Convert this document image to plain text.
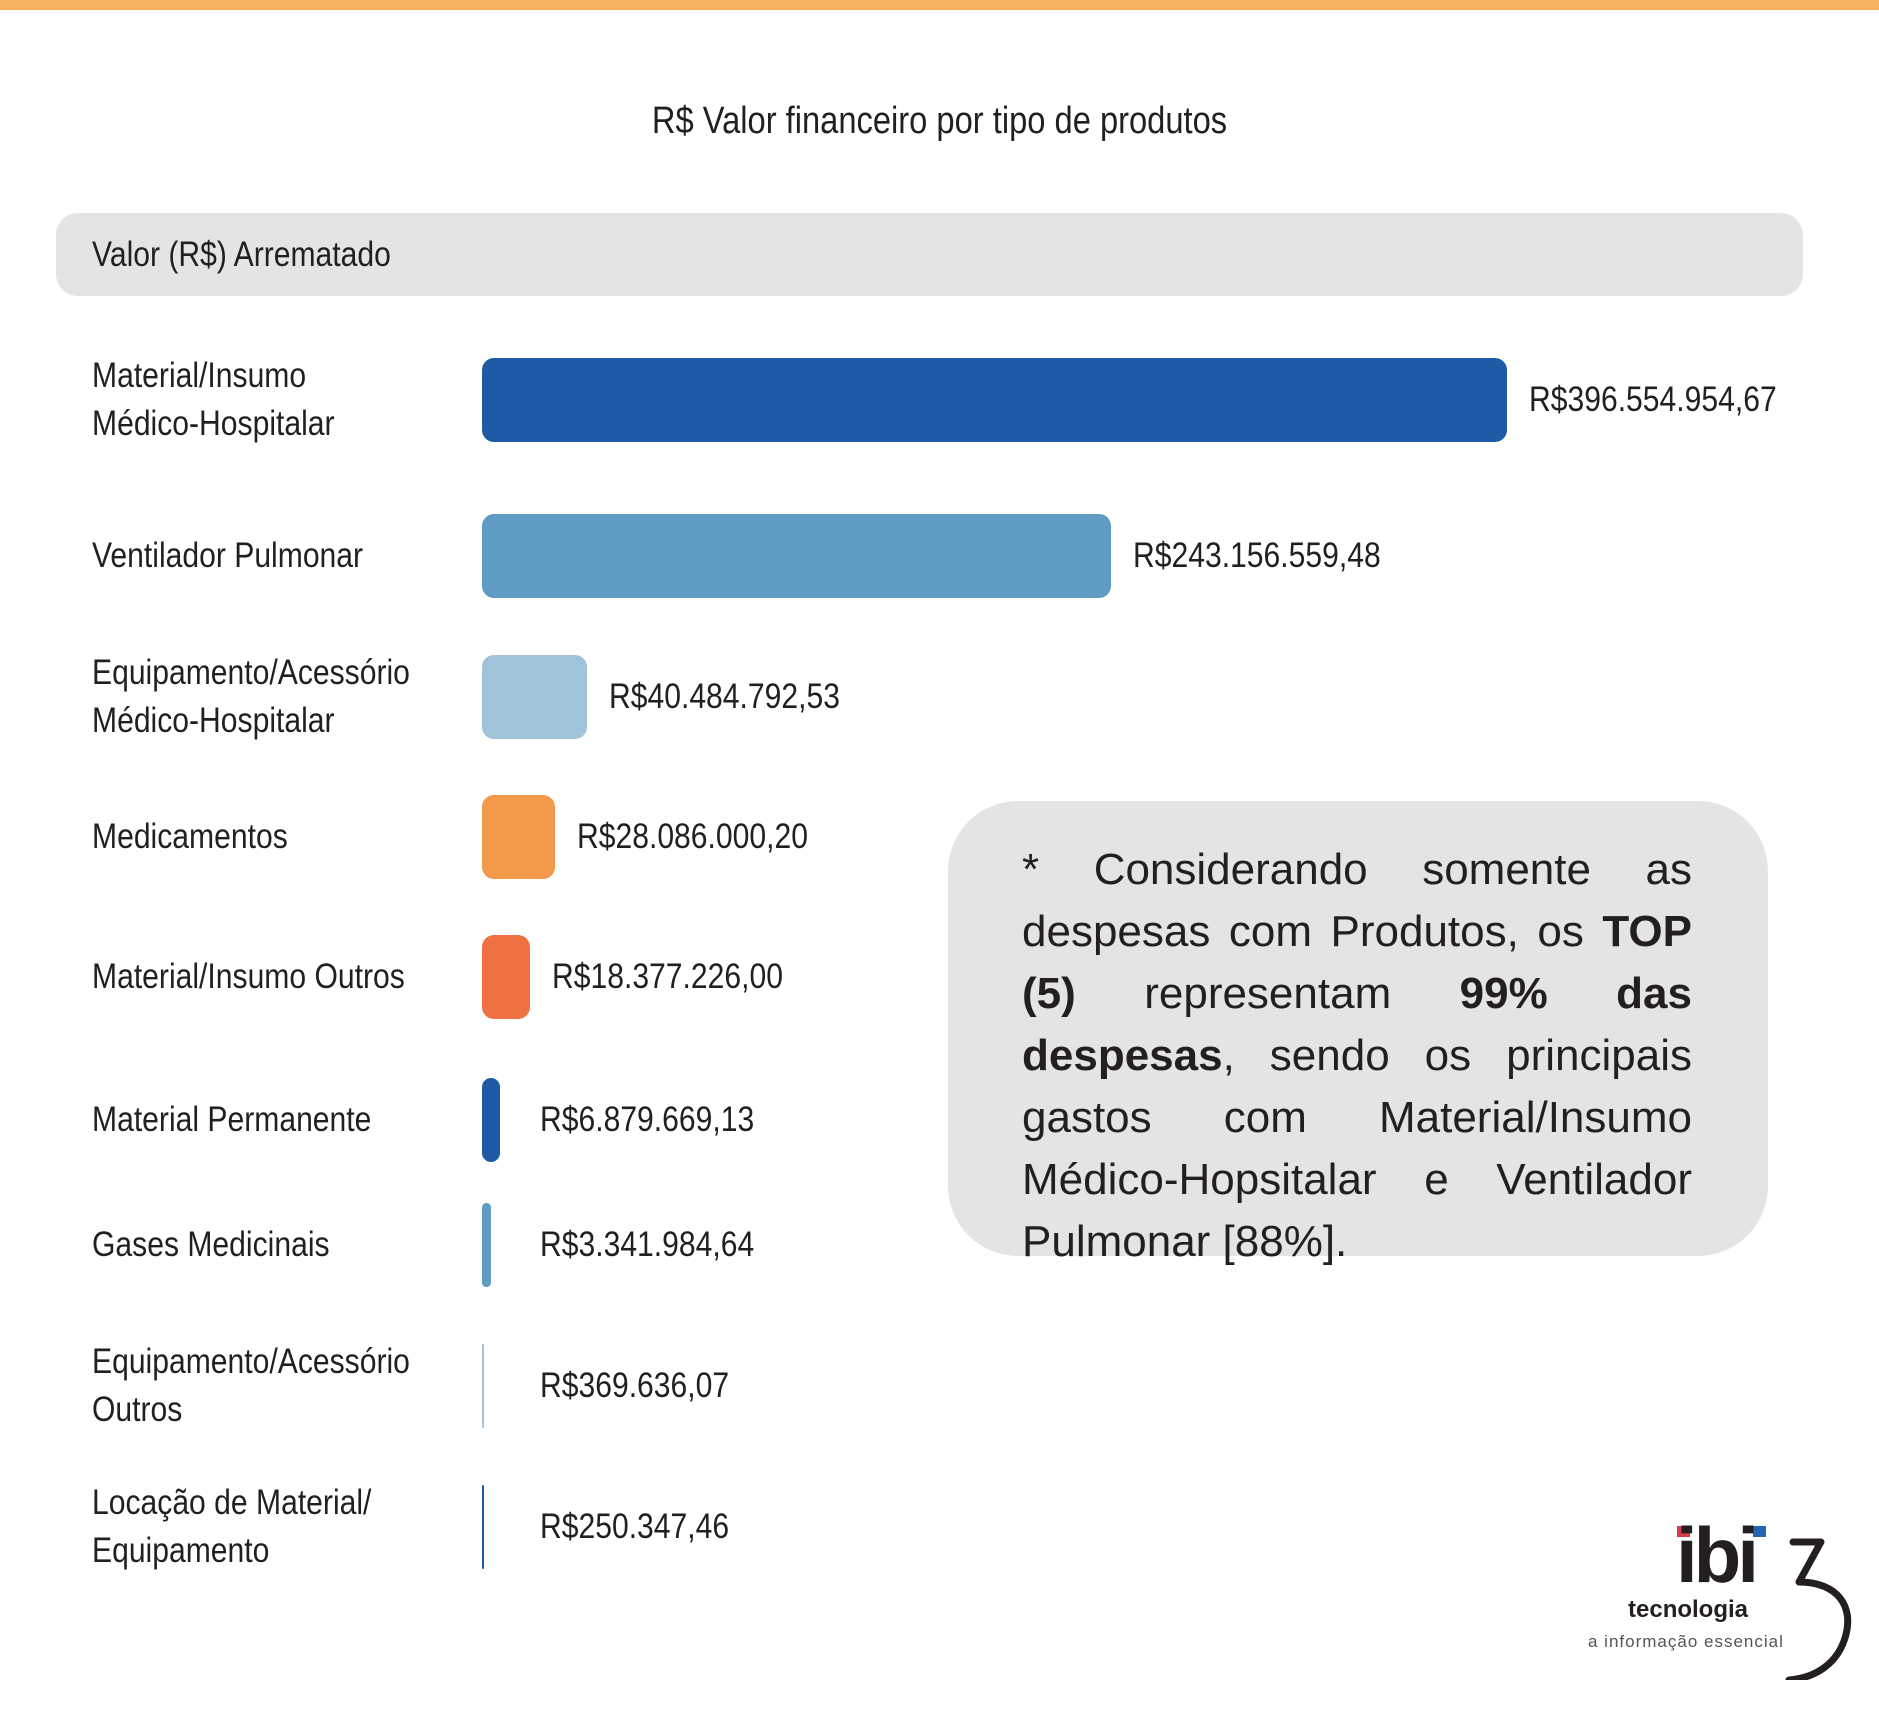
R$ Valor financeiro por tipo de produtos
Valor (R$) Arrematado
Material/Insumo
Médico-Hospitalar
R$396.554.954,67
Ventilador Pulmonar	R$243.156.559,48
Equipamento/Acessório
Médico-Hospitalar
R$40.484.792,53
Medicamentos	R$28.086.000,20
Material/Insumo Outros	R$18.377.226,00
Material Permanente	R$6.879.669,13
Gases Medicinais	R$3.341.984,64
Equipamento/Acessório
Outros
R$369.636,07
Locação de Material/
Equipamento
R$250.347,46
* Considerando somente as despesas com Produtos, os TOP (5) representam 99% das despesas, sendo os principais gastos com Material/Insumo Médico-Hopsitalar e Ventilador Pulmonar [88%].
ibi
tecnologia
a informação essencial
